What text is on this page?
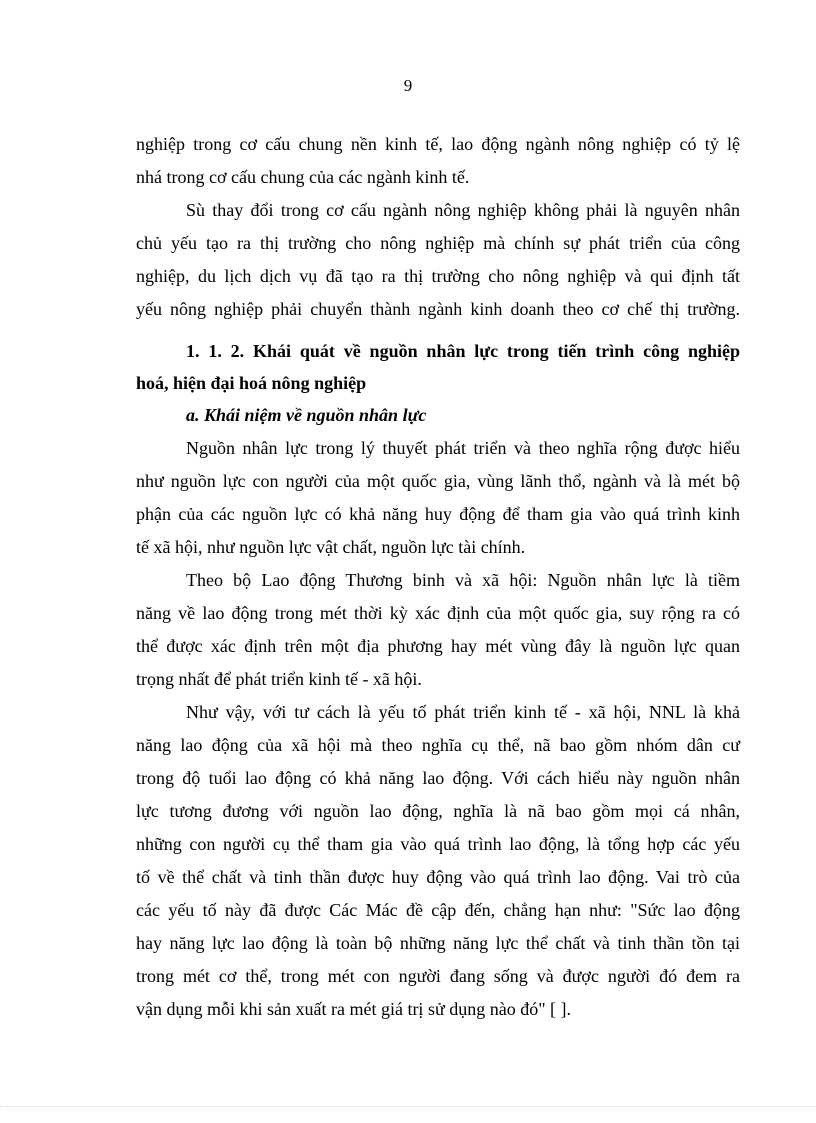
9
nghiệp trong cơ cấu chung nền kinh tế, lao động ngành nông nghiệp có tỷ lệ
nhá trong cơ cấu chung của các ngành kinh tế.
Sù thay đổi trong cơ cấu ngành nông nghiệp không phải là nguyên nhân
chủ yếu tạo ra thị trường cho nông nghiệp mà chính sự phát triển của công
nghiệp, du lịch dịch vụ đã tạo ra thị trường cho nông nghiệp và qui định tất
yếu nông nghiệp phải chuyển thành ngành kinh doanh theo cơ chế thị trường.
1. 1. 2. Khái quát về nguồn nhân lực trong tiến trình công nghiệp
hoá, hiện đại hoá nông nghiệp
a. Khái niệm về nguồn nhân lực
Nguồn nhân lực trong lý thuyết phát triển và theo nghĩa rộng được hiểu
như nguồn lực con người của một quốc gia, vùng lãnh thổ, ngành và là mét bộ
phận của các nguồn lực có khả năng huy động để tham gia vào quá trình kinh
tế xã hội, như nguồn lực vật chất, nguồn lực tài chính.
Theo bộ Lao động Thương binh và xã hội: Nguồn nhân lực là tiềm
năng về lao động trong mét thời kỳ xác định của một quốc gia, suy rộng ra có
thể được xác định trên một địa phương hay mét vùng đây là nguồn lực quan
trọng nhất để phát triển kinh tế - xã hội.
Như vậy, với tư cách là yếu tố phát triển kinh tế - xã hội, NNL là khả
năng lao động của xã hội mà theo nghĩa cụ thể, nã bao gồm nhóm dân cư
trong độ tuổi lao động có khả năng lao động. Với cách hiểu này nguồn nhân
lực tương đương với nguồn lao động, nghĩa là nã bao gồm mọi cá nhân,
những con người cụ thể tham gia vào quá trình lao động, là tổng hợp các yếu
tố về thể chất và tinh thần được huy động vào quá trình lao động. Vai trò của
các yếu tố này đã được Các Mác đề cập đến, chẳng hạn như: "Sức lao động
hay năng lực lao động là toàn bộ những năng lực thể chất và tinh thần tồn tại
trong mét cơ thể, trong mét con người đang sống và được người đó đem ra
vận dụng mỗi khi sản xuất ra mét giá trị sử dụng nào đó" [ ].
